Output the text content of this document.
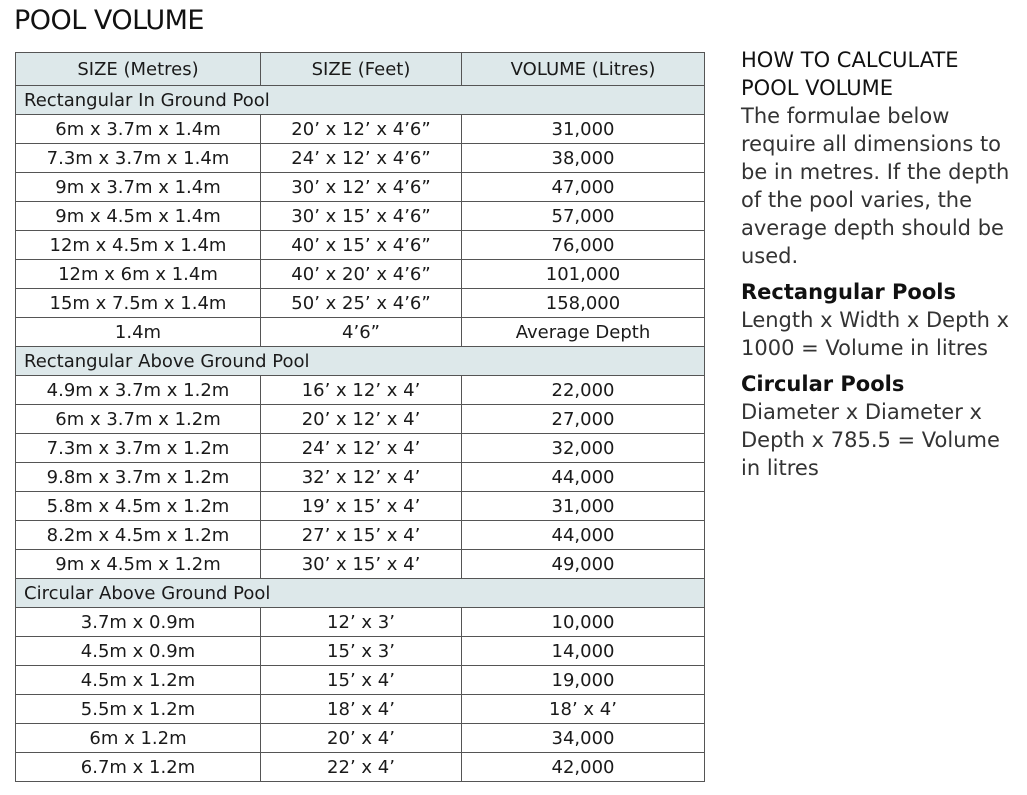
POOL VOLUME
SIZE (Metres)	SIZE (Feet)	VOLUME (Litres)
Rectangular In Ground Pool		
6m x 3.7m x 1.4m	20’ x 12’ x 4’6”	31,000
7.3m x 3.7m x 1.4m	24’ x 12’ x 4’6”	38,000
9m x 3.7m x 1.4m	30’ x 12’ x 4’6”	47,000
9m x 4.5m x 1.4m	30’ x 15’ x 4’6”	57,000
12m x 4.5m x 1.4m	40’ x 15’ x 4’6”	76,000
12m x 6m x 1.4m	40’ x 20’ x 4’6”	101,000
15m x 7.5m x 1.4m	50’ x 25’ x 4’6”	158,000
1.4m	4’6”	Average Depth
Rectangular Above Ground Pool		
4.9m x 3.7m x 1.2m	16’ x 12’ x 4’	22,000
6m x 3.7m x 1.2m	20’ x 12’ x 4’	27,000
7.3m x 3.7m x 1.2m	24’ x 12’ x 4’	32,000
9.8m x 3.7m x 1.2m	32’ x 12’ x 4’	44,000
5.8m x 4.5m x 1.2m	19’ x 15’ x 4’	31,000
8.2m x 4.5m x 1.2m	27’ x 15’ x 4’	44,000
9m x 4.5m x 1.2m	30’ x 15’ x 4’	49,000
Circular Above Ground Pool		
3.7m x 0.9m	12’ x 3’	10,000
4.5m x 0.9m	15’ x 3’	14,000
4.5m x 1.2m	15’ x 4’	19,000
5.5m x 1.2m	18’ x 4’	18’ x 4’
6m x 1.2m	20’ x 4’	34,000
6.7m x 1.2m	22’ x 4’	42,000
HOW TO CALCULATE
POOL VOLUME

The formulae below require all dimensions to be in metres. If the depth of the pool varies, the average depth should be used.

Rectangular Pools

Length x Width x Depth x 1000 = Volume in litres

Circular Pools

Diameter x Diameter x Depth x 785.5 = Volume in litres
